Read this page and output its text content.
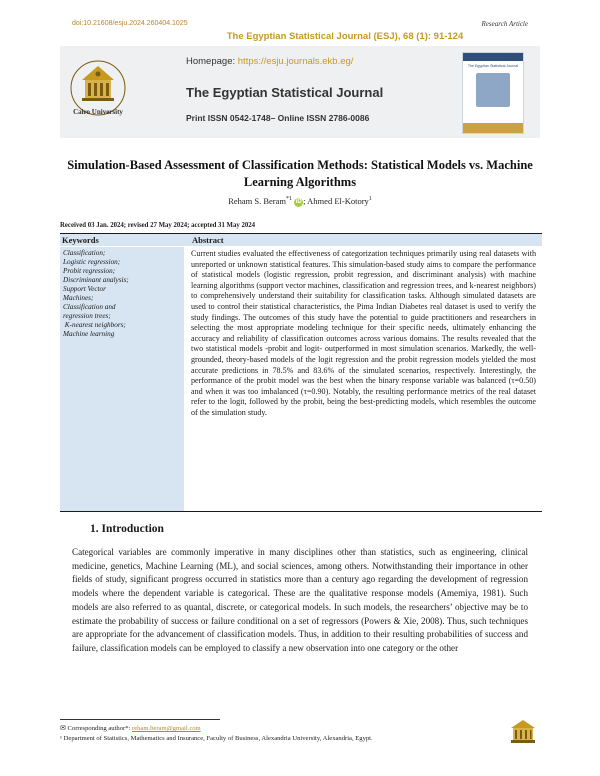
doi:10.21608/esju.2024.260404.1025	Research Article
The Egyptian Statistical Journal (ESJ), 68 (1): 91-124
Cairo University
Homepage: https://esju.journals.ekb.eg/
The Egyptian Statistical Journal
Print ISSN 0542-1748– Online ISSN 2786-0086
The Egyptian Statistical Journal
Simulation-Based Assessment of Classification Methods: Statistical Models vs. Machine Learning Algorithms
Reham S. Beram$^{*1}$ iD ; Ahmed El-Kotory$^1$
Received 03 Jan. 2024; revised 27 May 2024; accepted 31 May 2024
Keywords	Abstract
Classification;
Logistic regression;
Probit regression;
Discriminant analysis;
Support Vector
Machines;
Classification and
regression trees;
K-nearest neighbors;
Machine learning
Current studies evaluated the effectiveness of categorization techniques primarily using real datasets with unreported or unknown statistical features. This simulation-based study aims to compare the performance of statistical models (logistic regression, probit regression, and discriminant analysis) with machine learning algorithms (support vector machines, classification and regression trees, and k-nearest neighbors) to comprehensively understand their suitability for classification tasks. Although simulated datasets are used to control their statistical characteristics, the Pima Indian Diabetes real dataset is used to verify the study findings. The outcomes of this study have the potential to guide practitioners and researchers in selecting the most appropriate modeling technique for their specific needs, ultimately enhancing the accuracy and reliability of classification outcomes across various domains. The results revealed that the two statistical models -probit and logit- outperformed in most simulation scenarios. Markedly, the well-grounded, theory-based models of the logit regression and the probit regression models yielded the most accurate predictions in 78.5% and 83.6% of the simulated scenarios, respectively. Interestingly, the performance of the probit model was the best when the binary response variable was balanced (τ=0.50) and when it was too imbalanced (τ=0.90). Notably, the resulting performance metrics of the real dataset refer to the logit, followed by the probit, being the best-predicting models, which resembles the outcome of the simulation study.
1. Introduction
Categorical variables are commonly imperative in many disciplines other than statistics, such as engineering, clinical medicine, genetics, Machine Learning (ML), and social sciences, among others. Notwithstanding their importance in other fields of study, significant progress occurred in statistics more than a century ago regarding the development of regression models where the dependent variable is categorical. These are the qualitative response models (Amemiya, 1981). Such models are also referred to as quantal, discrete, or categorical models. In such models, the researchers’ objective may be to estimate the probability of success or failure conditional on a set of regressors (Powers & Xie, 2008). Thus, such techniques are appropriate for the advancement of classification models. Thus, in addition to their resulting probabilities of success and failure, classification models can be employed to classify a new observation into one category or the other
✉ Corresponding author*: reham.beram@gmail.com
¹ Department of Statistics, Mathematics and Insurance, Faculty of Business, Alexandria University, Alexandria, Egypt.
